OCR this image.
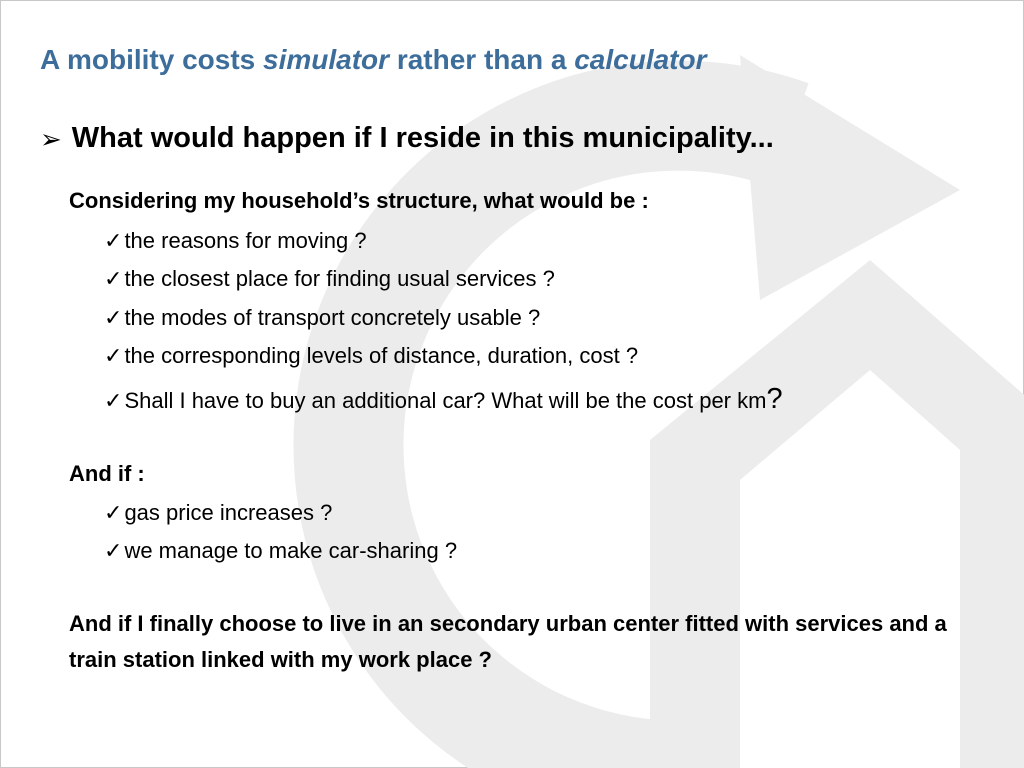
A mobility costs simulator rather than a calculator
➢ What would happen if I reside in this municipality...
Considering my household’s structure, what would be :
✓the reasons for moving ?
✓the closest place for finding usual services ?
✓the modes of transport concretely usable ?
✓the corresponding levels of distance, duration, cost ?
✓Shall I have to buy an additional car? What will be the cost per km?
And if :
✓gas price increases ?
✓we manage to make car-sharing ?
And if I finally choose to live in an secondary urban center fitted with services and a train station linked with my work place ?
